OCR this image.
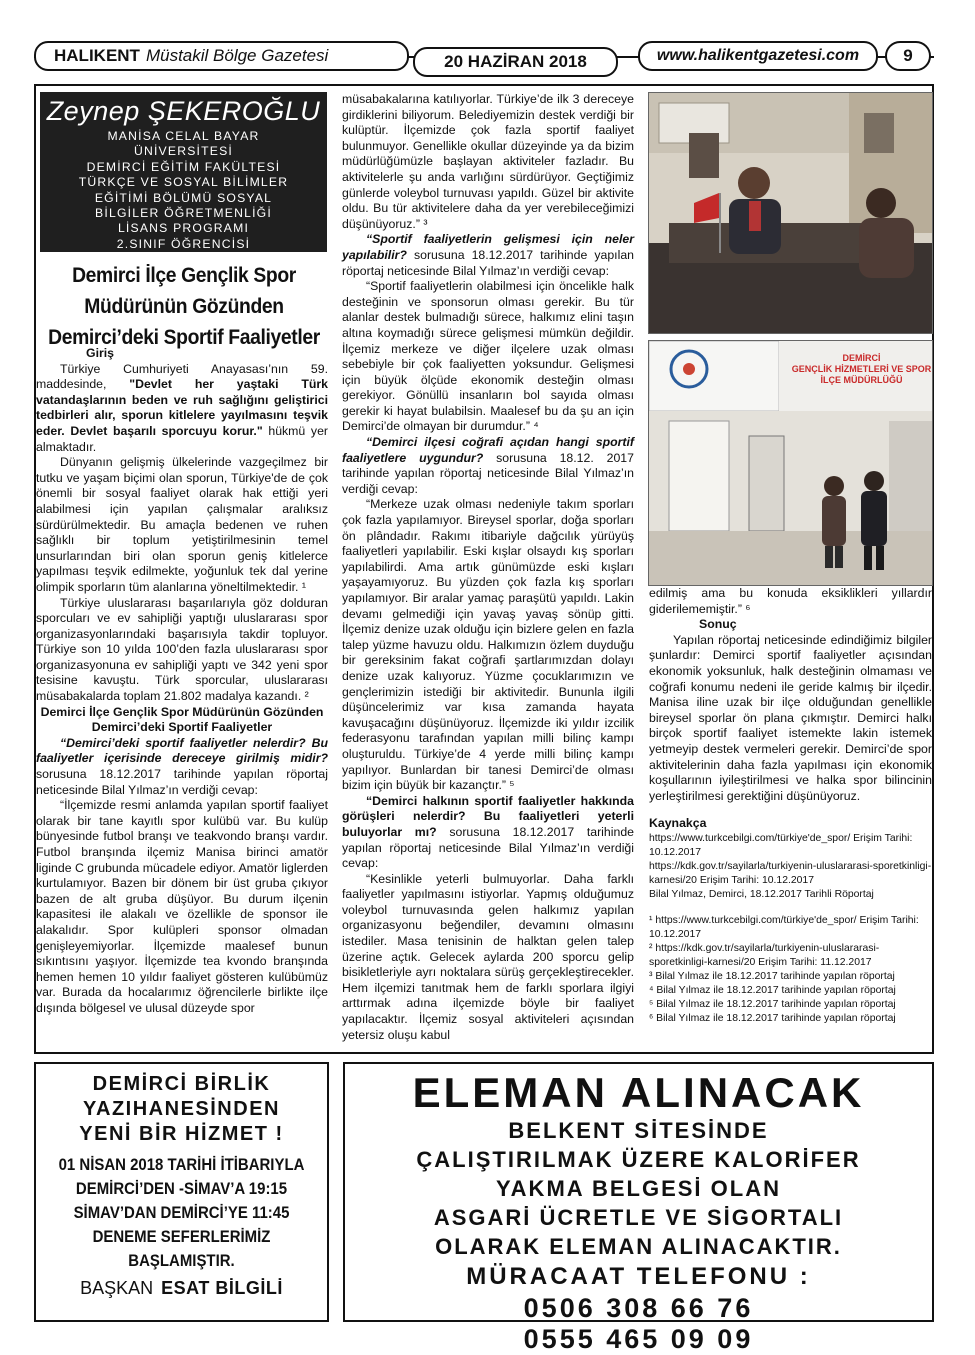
HALIKENT Müstakil Bölge Gazetesi	20 HAZİRAN 2018	www.halikentgazetesi.com	9
Zeynep ŞEKEROĞLU
MANİSA CELAL BAYAR
ÜNİVERSİTESİ
DEMİRCİ EĞİTİM FAKÜLTESİ
TÜRKÇE VE SOSYAL BİLİMLER
EĞİTİMİ BÖLÜMÜ SOSYAL
BİLGİLER ÖĞRETMENLİĞİ
LİSANS PROGRAMI
2.SINIF ÖĞRENCİSİ
Demirci İlçe Gençlik Spor
Müdürünün Gözünden
Demirci’deki Sportif Faaliyetler

Giriş

Türkiye Cumhuriyeti Anayasası’nın 59. maddesinde, "Devlet her yaştaki Türk vatandaşlarının beden ve ruh sağlığını geliştirici tedbirleri alır, sporun kitlelere yayılmasını teşvik eder. Devlet başarılı sporcuyu korur." hükmü yer almaktadır.

Dünyanın gelişmiş ülkelerinde vazgeçilmez bir tutku ve yaşam biçimi olan sporun, Türkiye'de de çok önemli bir sosyal faaliyet olarak hak ettiği yeri alabilmesi için yapılan çalışmalar aralıksız sürdürülmektedir. Bu amaçla bedenen ve ruhen sağlıklı bir toplum yetiştirilmesinin temel unsurlarından biri olan sporun geniş kitlelerce yapılması teşvik edilmekte, yoğunluk tek dal yerine olimpik sporların tüm alanlarına yöneltilmektedir. ¹

Türkiye uluslararası başarılarıyla göz dolduran sporcuları ve ev sahipliği yaptığı uluslararası spor organizasyonlarındaki başarısıyla takdir topluyor. Türkiye son 10 yılda 100’den fazla uluslararası spor organizasyonuna ev sahipliği yaptı ve 342 yeni spor tesisine kavuştu. Türk sporcular, uluslararası müsabakalarda toplam 21.802 madalya kazandı. ²

Demirci İlçe Gençlik Spor Müdürünün Gözünden Demirci’deki Sportif Faaliyetler

“Demirci’deki sportif faaliyetler nelerdir? Bu faaliyetler içerisinde dereceye girilmiş midir? sorusuna 18.12.2017 tarihinde yapılan röportaj neticesinde Bilal Yılmaz’ın verdiği cevap:

“İlçemizde resmi anlamda yapılan sportif faaliyet olarak bir tane kayıtlı spor kulübü var. Bu kulüp bünyesinde futbol branşı ve teakvondo branşı vardır. Futbol branşında ilçemiz Manisa birinci amatör liginde C grubunda mücadele ediyor. Amatör liglerden kurtulamıyor. Bazen bir dönem bir üst gruba çıkıyor bazen de alt gruba düşüyor. Bu durum ilçenin kapasitesi ile alakalı ve özellikle de sponsor ile alakalıdır. Spor kulüpleri sponsor olmadan genişleyemiyorlar. İlçemizde maalesef bunun sıkıntısını yaşıyor. İlçemizde tea kvondo branşında hemen hemen 10 yıldır faaliyet gösteren kulübümüz var. Burada da hocalarımız öğrencilerle birlikte ilçe dışında bölgesel ve ulusal düzeyde spor

müsabakalarına katılıyorlar. Türkiye’de ilk 3 dereceye girdiklerini biliyorum. Belediyemizin destek verdiği bir kulüptür. İlçemizde çok fazla sportif faaliyet bulunmuyor. Genellikle okullar düzeyinde ya da bizim müdürlüğümüzle başlayan aktiviteler fazladır. Bu aktivitelerle şu anda varlığını sürdürüyor. Geçtiğimiz günlerde voleybol turnuvası yapıldı. Güzel bir aktivite oldu. Bu tür aktivitelere daha da yer verebileceğimizi düşünüyoruz.” ³

“Sportif faaliyetlerin gelişmesi için neler yapılabilir? sorusuna 18.12.2017 tarihinde yapılan röportaj neticesinde Bilal Yılmaz’ın verdiği cevap:

“Sportif faaliyetlerin olabilmesi için öncelikle halk desteğinin ve sponsorun olması gerekir. Bu tür alanlar destek bulmadığı sürece, halkımız elini taşın altına koymadığı sürece gelişmesi mümkün değildir. İlçemiz merkeze ve diğer ilçelere uzak olması sebebiyle bir çok faaliyetten yoksundur. Gelişmesi için büyük ölçüde ekonomik desteğin olması gerekiyor. Gönüllü insanların bol sayıda olması gerekir ki hayat bulabilsin. Maalesef bu da şu an için Demirci’de olmayan bir durumdur.” ⁴

“Demirci ilçesi coğrafi açıdan hangi sportif faaliyetlere uygundur? sorusuna 18.12. 2017 tarihinde yapılan röportaj neticesinde Bilal Yılmaz’ın verdiği cevap:

“Merkeze uzak olması nedeniyle takım sporları çok fazla yapılamıyor. Bireysel sporlar, doğa sporları ön plândadır. Rakımı itibariyle dağcılık yürüyüş faaliyetleri yapılabilir. Eski kışlar olsaydı kış sporları yapılabilirdi. Ama artık günümüzde eski kışları yaşayamıyoruz. Bu yüzden çok fazla kış sporları yapılamıyor. Bir aralar yamaç paraşütü yapıldı. Lakin devamı gelmediği için yavaş yavaş sönüp gitti. İlçemiz denize uzak olduğu için bizlere gelen en fazla talep yüzme havuzu oldu. Halkımızın özlem duyduğu bir gereksinim fakat coğrafi şartlarımızdan dolayı denize uzak kalıyoruz. Yüzme çocuklarımızın ve gençlerimizin istediği bir aktivitedir. Bununla ilgili düşüncelerimiz var kısa zamanda hayata kavuşacağını düşünüyoruz. İlçemizde iki yıldır izcilik federasyonu tarafından yapılan milli bilinç kampı oluşturuldu. Türkiye’de 4 yerde milli bilinç kampı yapılıyor. Bunlardan bir tanesi Demirci’de olması bizim için büyük bir kazançtır.” ⁵

“Demirci halkının sportif faaliyetler hakkında görüşleri nelerdir? Bu faaliyetleri yeterli buluyorlar mı? sorusuna 18.12.2017 tarihinde yapılan röportaj neticesinde Bilal Yılmaz’ın verdiği cevap:

“Kesinlikle yeterli bulmuyorlar. Daha farklı faaliyetler yapılmasını istiyorlar. Yapmış olduğumuz voleybol turnuvasında gelen halkımız yapılan organizasyonu beğendiler, devamını olmasını istediler. Masa tenisinin de halktan gelen talep üzerine açtık. Gelecek aylarda 200 sporcu gelip bisikletleriyle ayrı noktalara sürüş gerçekleştirecekler. Hem ilçemizi tanıtmak hem de farklı sporlara ilgiyi arttırmak adına ilçemizde böyle bir faaliyet yapılacaktır. İlçemiz sosyal aktiviteleri açısından yetersiz oluşu kabul

DEMİRCİ
GENÇLİK HİZMETLERİ VE SPOR
İLÇE MÜDÜRLÜĞÜ

edilmiş ama bu konuda eksiklikleri yıllardır giderilememiştir.” ⁶

Sonuç

Yapılan röportaj neticesinde edindiğimiz bilgiler şunlardır: Demirci sportif faaliyetler açısından ekonomik yoksunluk, halk desteğinin olmaması ve coğrafi konumu nedeni ile geride kalmış bir ilçedir. Manisa iline uzak bir ilçe olduğundan genellikle bireysel sporlar ön plana çıkmıştır. Demirci halkı birçok sportif faaliyet istemekte lakin istemek yetmeyip destek vermeleri gerekir. Demirci’de spor aktivitelerinin daha fazla yapılması için ekonomik koşullarının iyileştirilmesi ve halka spor bilincinin yerleştirilmesi gerektiğini düşünüyoruz.

Kaynakça

https://www.turkcebilgi.com/türkiye'de_spor/ Erişim Tarihi: 10.12.2017
https://kdk.gov.tr/sayilarla/turkiyenin-uluslararasi-sporetkinligi-karnesi/20 Erişim Tarihi: 10.12.2017
Bilal Yılmaz, Demirci, 18.12.2017 Tarihli Röportaj
¹ https://www.turkcebilgi.com/türkiye'de_spor/ Erişim Tarihi: 10.12.2017
² https://kdk.gov.tr/sayilarla/turkiyenin-uluslararasi-sporetkinligi-karnesi/20 Erişim Tarihi: 11.12.2017
³ Bilal Yılmaz ile 18.12.2017 tarihinde yapılan röportaj
⁴ Bilal Yılmaz ile 18.12.2017 tarihinde yapılan röportaj
⁵ Bilal Yılmaz ile 18.12.2017 tarihinde yapılan röportaj
⁶ Bilal Yılmaz ile 18.12.2017 tarihinde yapılan röportaj
DEMİRCİ BİRLİK
YAZIHANESİNDEN
YENİ BİR HİZMET !
01 NİSAN 2018 TARİHİ İTİBARIYLA
DEMİRCİ’DEN -SİMAV’A 19:15
SİMAV’DAN DEMİRCİ’YE 11:45
DENEME SEFERLERİMİZ
BAŞLAMIŞTIR.
BAŞKAN ESAT BİLGİLİ
ELEMAN ALINACAK
BELKENT SİTESİNDE
ÇALIŞTIRILMAK ÜZERE KALORİFER
YAKMA BELGESİ OLAN
ASGARİ ÜCRETLE VE SİGORTALI
OLARAK ELEMAN ALINACAKTIR.
MÜRACAAT TELEFONU :
0506 308 66 76
0555 465 09 09
